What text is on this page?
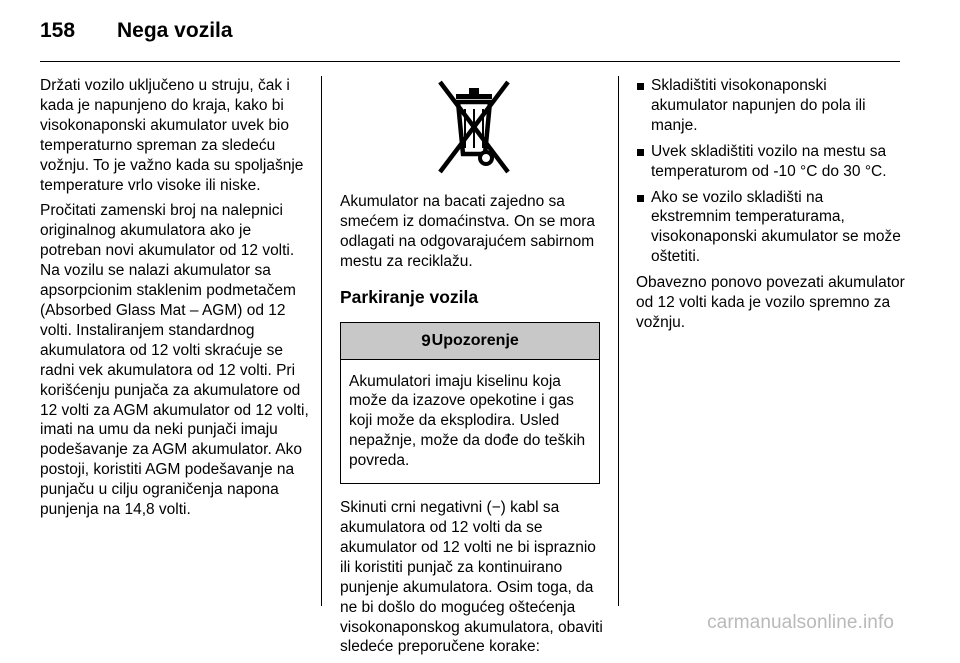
158	Nega vozila

Držati vozilo uključeno u struju, čak i kada je napunjeno do kraja, kako bi visokonaponski akumulator uvek bio temperaturno spreman za sledeću vožnju. To je važno kada su spoljašnje temperature vrlo visoke ili niske.

Pročitati zamenski broj na nalepnici originalnog akumulatora ako je potreban novi akumulator od 12 volti. Na vozilu se nalazi akumulator sa apsorpcionim staklenim podmetačem (Absorbed Glass Mat – AGM) od 12 volti. Instaliranjem standardnog akumulatora od 12 volti skraćuje se radni vek akumulatora od 12 volti. Pri korišćenju punjača za akumulatore od 12 volti za AGM akumulator od 12 volti, imati na umu da neki punjači imaju podešavanje za AGM akumulator. Ako postoji, koristiti AGM podešavanje na punjaču u cilju ograničenja napona punjenja na 14,8 volti.

Akumulator na bacati zajedno sa smećem iz domaćinstva. On se mora odlagati na odgovarajućem sabirnom mestu za reciklažu.

Parkiranje vozila

9 Upozorenje
Akumulatori imaju kiselinu koja može da izazove opekotine i gas koji može da eksplodira. Usled nepažnje, može da dođe do teških povreda.

Skinuti crni negativni (−) kabl sa akumulatora od 12 volti da se akumulator od 12 volti ne bi ispraznio ili koristiti punjač za kontinuirano punjenje akumulatora. Osim toga, da ne bi došlo do mogućeg oštećenja visokonaponskog akumulatora, obaviti sledeće preporučene korake:

Skladištiti visokonaponski akumulator napunjen do pola ili manje.
Uvek skladištiti vozilo na mestu sa temperaturom od -10 °C do 30 °C.
Ako se vozilo skladišti na ekstremnim temperaturama, visokonaponski akumulator se može oštetiti.

Obavezno ponovo povezati akumulator od 12 volti kada je vozilo spremno za vožnju.

carmanualsonline.info
